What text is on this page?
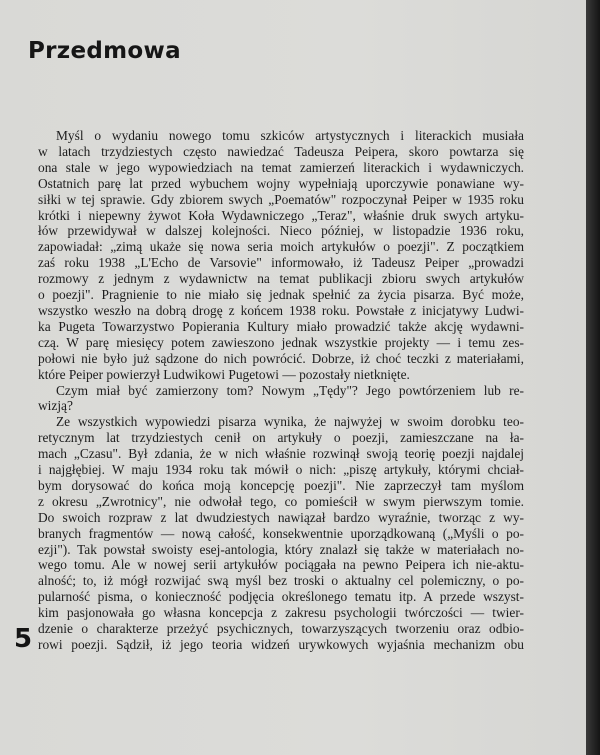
Przedmowa
Myśl o wydaniu nowego tomu szkiców artystycznych i literackich musiała
w latach trzydziestych często nawiedzać Tadeusza Peipera, skoro powtarza się
ona stale w jego wypowiedziach na temat zamierzeń literackich i wydawniczych.
Ostatnich parę lat przed wybuchem wojny wypełniają uporczywie ponawiane wy-
siłki w tej sprawie. Gdy zbiorem swych „Poematów" rozpoczynał Peiper w 1935 roku
krótki i niepewny żywot Koła Wydawniczego „Teraz", właśnie druk swych artyku-
łów przewidywał w dalszej kolejności. Nieco później, w listopadzie 1936 roku,
zapowiadał: „zimą ukaże się nowa seria moich artykułów o poezji". Z początkiem
zaś roku 1938 „L'Echo de Varsovie" informowało, iż Tadeusz Peiper „prowadzi
rozmowy z jednym z wydawnictw na temat publikacji zbioru swych artykułów
o poezji". Pragnienie to nie miało się jednak spełnić za życia pisarza. Być może,
wszystko weszło na dobrą drogę z końcem 1938 roku. Powstałe z inicjatywy Ludwi-
ka Pugeta Towarzystwo Popierania Kultury miało prowadzić także akcję wydawni-
czą. W parę miesięcy potem zawieszono jednak wszystkie projekty — i temu zes-
połowi nie było już sądzone do nich powrócić. Dobrze, iż choć teczki z materiałami,
które Peiper powierzył Ludwikowi Pugetowi — pozostały nietknięte.
Czym miał być zamierzony tom? Nowym „Tędy"? Jego powtórzeniem lub re-
wizją?
Ze wszystkich wypowiedzi pisarza wynika, że najwyżej w swoim dorobku teo-
retycznym lat trzydziestych cenił on artykuły o poezji, zamieszczane na ła-
mach „Czasu". Był zdania, że w nich właśnie rozwinął swoją teorię poezji najdalej
i najgłębiej. W maju 1934 roku tak mówił o nich: „piszę artykuły, którymi chciał-
bym dorysować do końca moją koncepcję poezji". Nie zaprzeczył tam myślom
z okresu „Zwrotnicy", nie odwołał tego, co pomieścił w swym pierwszym tomie.
Do swoich rozpraw z lat dwudziestych nawiązał bardzo wyraźnie, tworząc z wy-
branych fragmentów — nową całość, konsekwentnie uporządkowaną („Myśli o po-
ezji"). Tak powstał swoisty esej-antologia, który znalazł się także w materiałach no-
wego tomu. Ale w nowej serii artykułów pociągała na pewno Peipera ich nie-aktu-
alność; to, iż mógł rozwijać swą myśl bez troski o aktualny cel polemiczny, o po-
pularność pisma, o konieczność podjęcia określonego tematu itp. A przede wszyst-
kim pasjonowała go własna koncepcja z zakresu psychologii twórczości — twier-
dzenie o charakterze przeżyć psychicznych, towarzyszących tworzeniu oraz odbio-
rowi poezji. Sądził, iż jego teoria widzeń urywkowych wyjaśnia mechanizm obu
5
